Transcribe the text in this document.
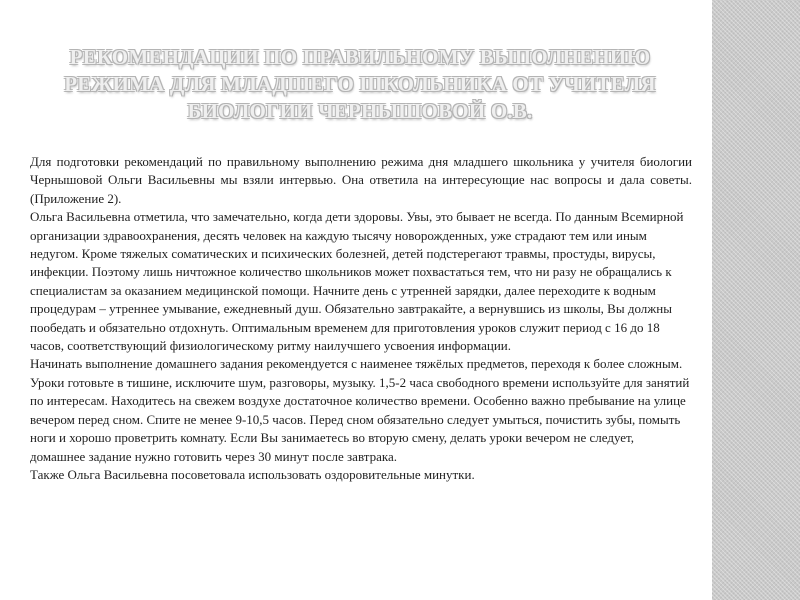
РЕКОМЕНДАЦИИ ПО ПРАВИЛЬНОМУ ВЫПОЛНЕНИЮ РЕЖИМА ДЛЯ МЛАДШЕГО ШКОЛЬНИКА ОТ УЧИТЕЛЯ БИОЛОГИИ ЧЕРНЫШОВОЙ О.В.

Для подготовки рекомендаций по правильному выполнению режима дня младшего школьника у учителя биологии Чернышовой Ольги Васильевны мы взяли интервью. Она ответила на интересующие нас вопросы и дала советы. (Приложение 2).

Ольга Васильевна отметила, что замечательно, когда дети здоровы. Увы, это бывает не всегда. По данным Всемирной организации здравоохранения, десять человек на каждую тысячу новорожденных, уже страдают тем или иным недугом. Кроме тяжелых соматических и психических болезней, детей подстерегают травмы, простуды, вирусы, инфекции. Поэтому лишь ничтожное количество школьников может похвастаться тем, что ни разу не обращались к специалистам за оказанием медицинской помощи. Начните день с утренней зарядки, далее переходите к водным процедурам – утреннее умывание, ежедневный душ. Обязательно завтракайте, а вернувшись из школы, Вы должны пообедать и обязательно отдохнуть. Оптимальным временем для приготовления уроков служит период с 16 до 18 часов, соответствующий физиологическому ритму наилучшего усвоения информации.

Начинать выполнение домашнего задания рекомендуется с наименее тяжёлых предметов, переходя к более сложным. Уроки готовьте в тишине, исключите шум, разговоры, музыку. 1,5-2 часа свободного времени используйте для занятий по интересам. Находитесь на свежем воздухе достаточное количество времени. Особенно важно пребывание на улице вечером перед сном. Спите не менее 9-10,5 часов. Перед сном обязательно следует умыться, почистить зубы, помыть ноги и хорошо проветрить комнату. Если Вы занимаетесь во вторую смену, делать уроки вечером не следует, домашнее задание нужно готовить через 30 минут после завтрака.

Также Ольга Васильевна посоветовала использовать оздоровительные минутки.
